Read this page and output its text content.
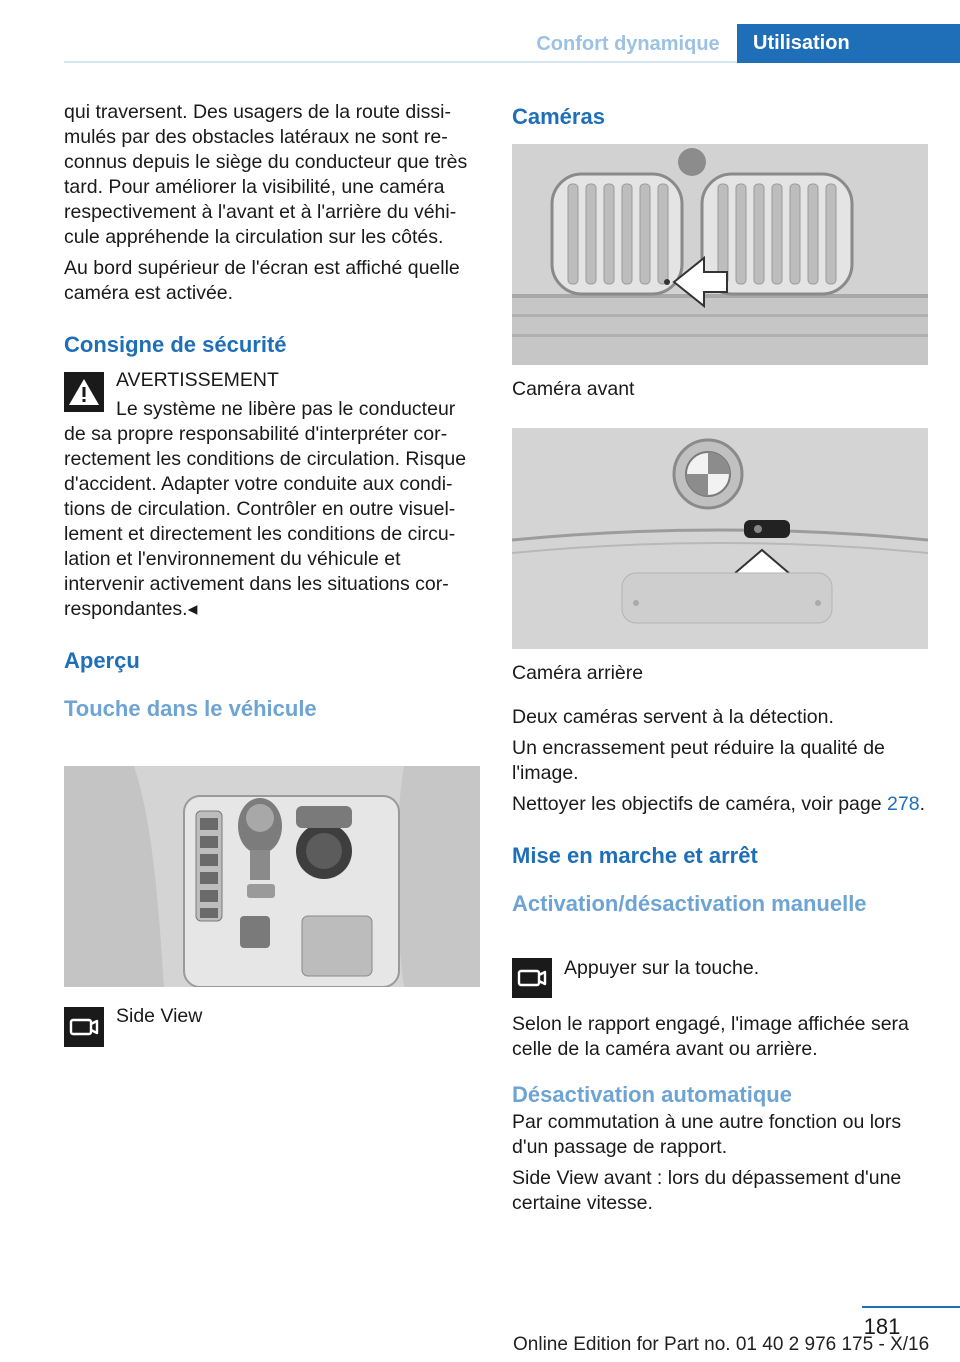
Confort dynamique	Utilisation

qui traversent. Des usagers de la route dissi-mulés par des obstacles latéraux ne sont re-connus depuis le siège du conducteur que très tard. Pour améliorer la visibilité, une caméra respectivement à l'avant et à l'arrière du véhi-cule appréhende la circulation sur les côtés.

Au bord supérieur de l'écran est affiché quelle caméra est activée.

Consigne de sécurité
AVERTISSEMENT
Le système ne libère pas le conducteur

de sa propre responsabilité d'interpréter cor-rectement les conditions de circulation. Risque d'accident. Adapter votre conduite aux condi-tions de circulation. Contrôler en outre visuel-lement et directement les conditions de circu-lation et l'environnement du véhicule et intervenir activement dans les situations cor-respondantes.◂

Aperçu
Touche dans le véhicule
Side View
Caméras
Caméra avant
Caméra arrière

Deux caméras servent à la détection.

Un encrassement peut réduire la qualité de l'image.

Nettoyer les objectifs de caméra, voir page 278.

Mise en marche et arrêt
Activation/désactivation manuelle
Appuyer sur la touche.

Selon le rapport engagé, l'image affichée sera celle de la caméra avant ou arrière.

Désactivation automatique

Par commutation à une autre fonction ou lors d'un passage de rapport.

Side View avant : lors du dépassement d'une certaine vitesse.

181
Online Edition for Part no. 01 40 2 976 175 - X/16
